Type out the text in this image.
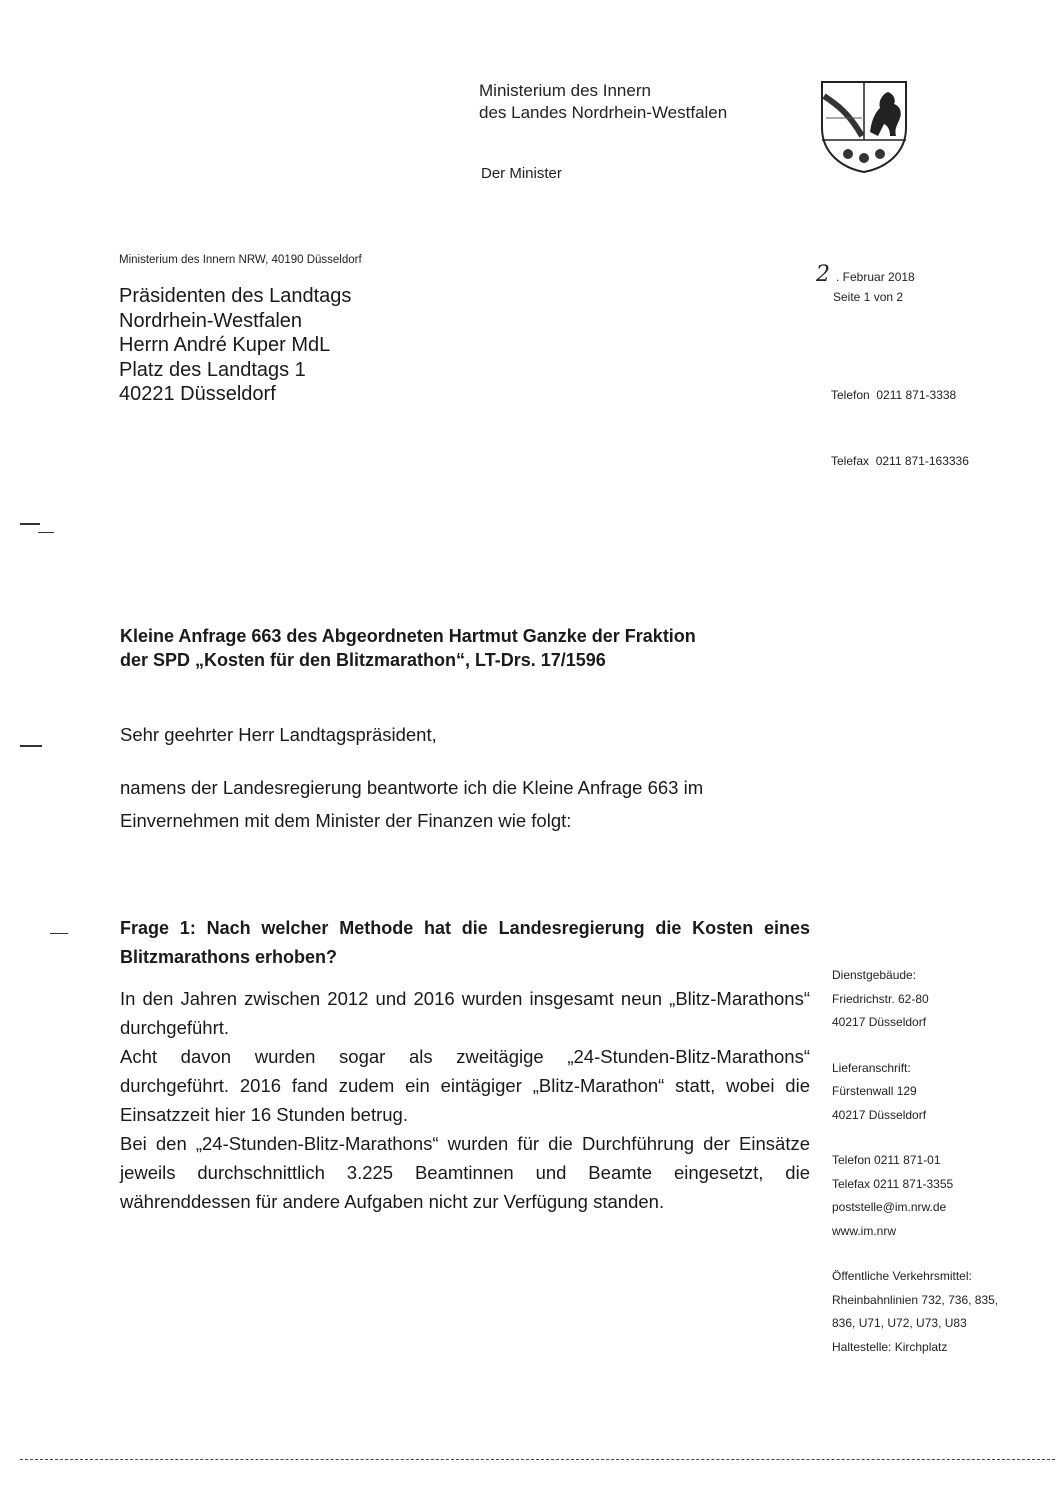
Ministerium des Innern
des Landes Nordrhein-Westfalen
Der Minister
Ministerium des Innern NRW, 40190 Düsseldorf
Präsidenten des Landtags
Nordrhein-Westfalen
Herrn André Kuper MdL
Platz des Landtags 1
40221 Düsseldorf
2 . Februar 2018
Seite 1 von 2

Telefon  0211 871-3338

Telefax  0211 871-163336

Kleine Anfrage 663 des Abgeordneten Hartmut Ganzke der Fraktion
der SPD „Kosten für den Blitzmarathon“, LT-Drs. 17/1596
Sehr geehrter Herr Landtagspräsident,
namens der Landesregierung beantworte ich die Kleine Anfrage 663 im Einvernehmen mit dem Minister der Finanzen wie folgt:
Frage 1: Nach welcher Methode hat die Landesregierung die Kosten eines Blitzmarathons erhoben?

In den Jahren zwischen 2012 und 2016 wurden insgesamt neun „Blitz-Marathons“ durchgeführt.

Acht davon wurden sogar als zweitägige „24-Stunden-Blitz-Marathons“ durchgeführt. 2016 fand zudem ein eintägiger „Blitz-Marathon“ statt, wobei die Einsatzzeit hier 16 Stunden betrug.

Bei den „24-Stunden-Blitz-Marathons“ wurden für die Durchführung der Einsätze jeweils durchschnittlich 3.225 Beamtinnen und Beamte eingesetzt, die währenddessen für andere Aufgaben nicht zur Verfügung standen.

Dienstgebäude:
Friedrichstr. 62-80
40217 Düsseldorf
Lieferanschrift:
Fürstenwall 129
40217 Düsseldorf
Telefon 0211 871-01
Telefax 0211 871-3355
poststelle@im.nrw.de
www.im.nrw
Öffentliche Verkehrsmittel:
Rheinbahnlinien 732, 736, 835,
836, U71, U72, U73, U83
Haltestelle: Kirchplatz
